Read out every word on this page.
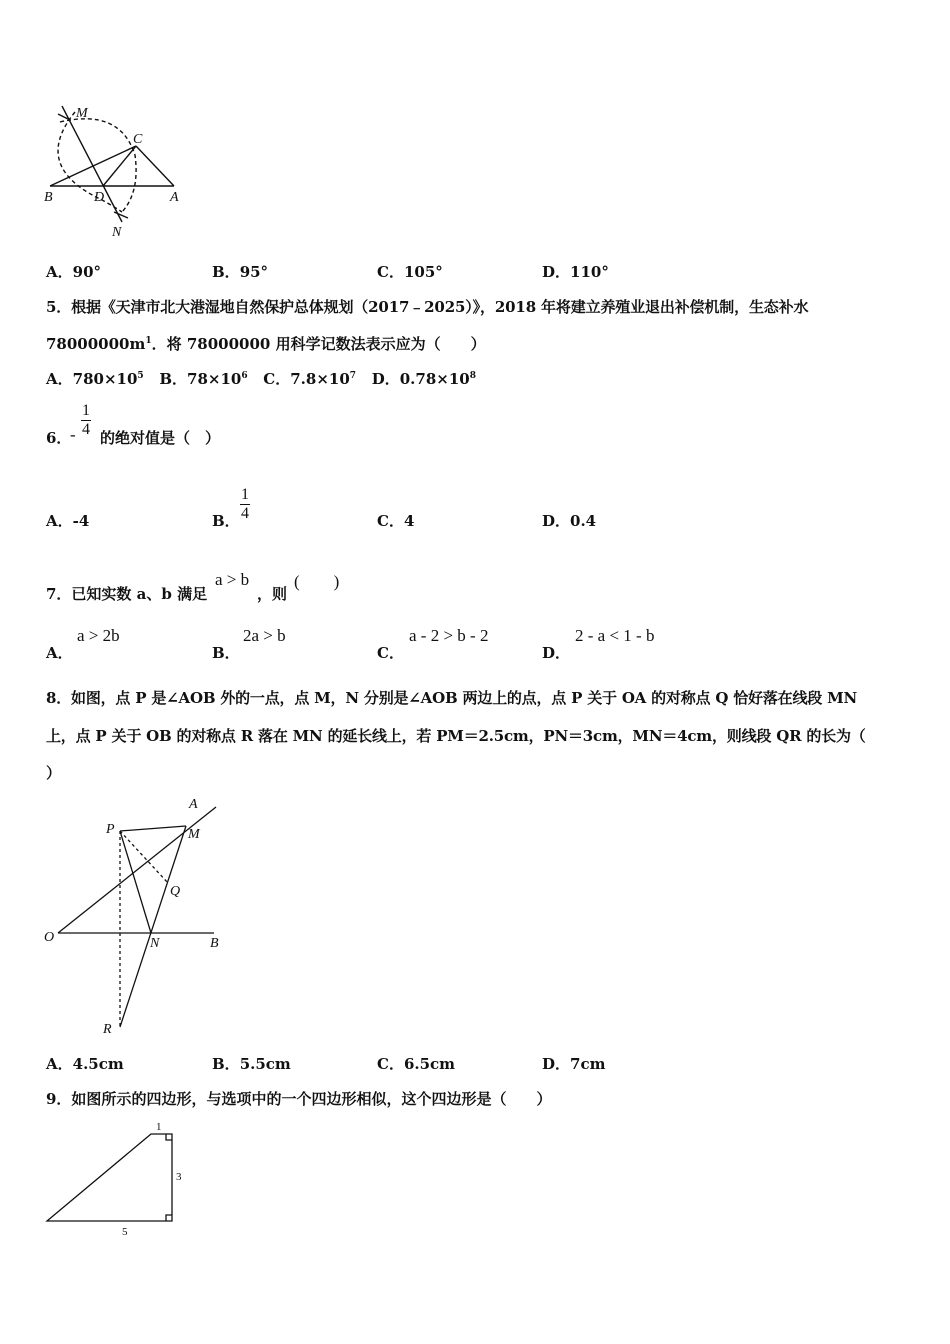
M
C
B	D	A
N
A．90°	B．95°	C．105°	D．110°
5．根据《天津市北大港湿地自然保护总体规划（2017﹣2025）》，2018 年将建立养殖业退出补偿机制，生态补水
$78000000m^1$．将 78000000 用科学记数法表示应为（　　）
A．$780\times 10^5$ B．$78\times 10^6$ C．$7.8\times 10^7$ D．$0.78\times 10^8$
6．
-
1
4 的绝对值是（　）
A．-4	B．
1
4	C．4	D．0.4
7．已知实数 a、b 满足
a > b
，则
(　　)
A．
a > 2b
B．
2a > b
C．
a - 2 > b - 2
D．
2 - a < 1 - b
8．如图，点 P 是∠AOB 外的一点，点 M，N 分别是∠AOB 两边上的点，点 P 关于 OA 的对称点 Q 恰好落在线段 MN
上，点 P 关于 OB 的对称点 R 落在 MN 的延长线上，若 PM＝2.5cm，PN＝3cm，MN＝4cm，则线段 QR 的长为（
）
A
P	M
Q
O	N	B
R
A．4.5cm	B．5.5cm	C．6.5cm	D．7cm
9．如图所示的四边形，与选项中的一个四边形相似，这个四边形是（　　）
1
3
5
